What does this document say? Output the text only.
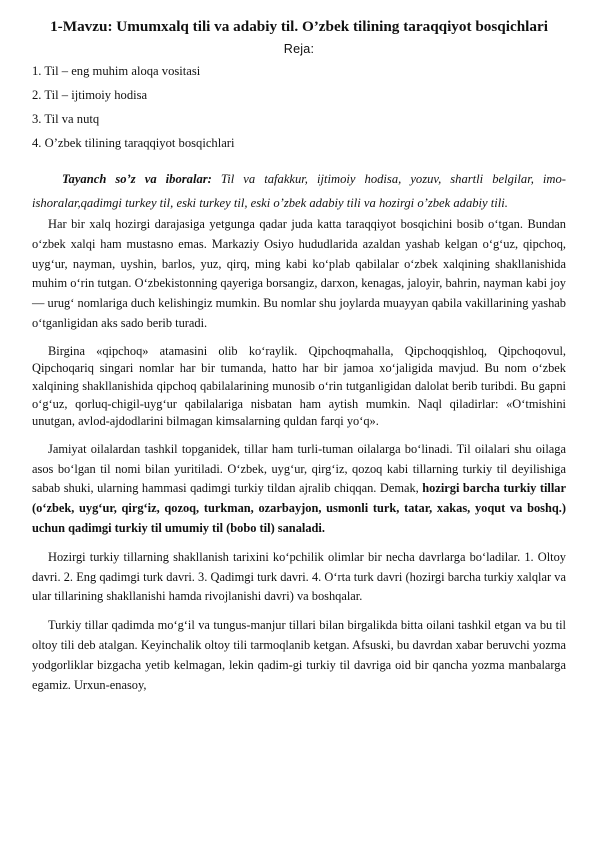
1-Mavzu: Umumxalq tili va adabiy til. O’zbek tilining taraqqiyot bosqichlari
Reja:
1. Til – eng muhim aloqa vositasi
2. Til – ijtimoiy hodisa
3. Til va nutq
4. O’zbek tilining taraqqiyot bosqichlari
Tayanch so’z va iboralar: Til va tafakkur, ijtimoiy hodisa, yozuv, shartli belgilar, imo-ishoralar,qadimgi turkey til, eski turkey til, eski o’zbek adabiy tili va hozirgi o’zbek adabiy tili.

Har bir xalq hozirgi darajasiga yetgunga qadar juda katta taraqqiyot bosqichini bosib o‘tgan. Bundan o‘zbek xalqi ham mustasno emas. Markaziy Osiyo hududlarida azaldan yashab kelgan o‘g‘uz, qipchoq, uyg‘ur, nayman, uyshin, barlos, yuz, qirq, ming kabi ko‘plab qabilalar o‘zbek xalqining shakllanishida muhim o‘rin tutgan. O‘zbekistonning qayeriga borsangiz, darxon, kenagas, jaloyir, bahrin, nayman kabi joy — urug‘ nomlariga duch kelishingiz mumkin. Bu nomlar shu joylarda muayyan qabila vakillarining yashab o‘tganligidan aks sado berib turadi.

Birgina «qipchoq» atamasini olib ko‘raylik. Qipchoqmahalla, Qipchoqqishloq, Qipchoqovul, Qipchoqariq singari nomlar har bir tumanda, hatto har bir jamoa xo‘jaligida mavjud. Bu nom o‘zbek xalqining shakllanishida qipchoq qabilalarining munosib o‘rin tutganligidan dalolat berib turibdi. Bu gapni o‘g‘uz, qorluq-chigil-uyg‘ur qabilalariga nisbatan ham aytish mumkin. Naql qiladirlar: «O‘tmishini unutgan, avlod-ajdodlarini bilmagan kimsalarning quldan farqi yo‘q».

Jamiyat oilalardan tashkil topganidek, tillar ham turli-tuman oilalarga bo‘linadi. Til oilalari shu oilaga asos bo‘lgan til nomi bilan yuritiladi. O‘zbek, uyg‘ur, qirg‘iz, qozoq kabi tillarning turkiy til deyilishiga sabab shuki, ularning hammasi qadimgi turkiy tildan ajralib chiqqan. Demak, hozirgi barcha turkiy tillar (o‘zbek, uyg‘ur, qirg‘iz, qozoq, turkman, ozarbayjon, usmonli turk, tatar, xakas, yoqut va boshq.) uchun qadimgi turkiy til umumiy til (bobo til) sanaladi.

Hozirgi turkiy tillarning shakllanish tarixini ko‘pchilik olimlar bir necha davrlarga bo‘ladilar. 1. Oltoy davri. 2. Eng qadimgi turk davri. 3. Qadimgi turk davri. 4. O‘rta turk davri (hozirgi barcha turkiy xalqlar va ular tillarining shakllanishi hamda rivojlanishi davri) va boshqalar.

Turkiy tillar qadimda mo‘g‘il va tungus-manjur tillari bilan birgalikda bitta oilani tashkil etgan va bu til oltoy tili deb atalgan. Keyinchalik oltoy tili tarmoqlanib ketgan. Afsuski, bu davrdan xabar beruvchi yozma yodgorliklar bizgacha yetib kelmagan, lekin qadim-gi turkiy til davriga oid bir qancha yozma manbalarga egamiz. Urxun-enasoy,
